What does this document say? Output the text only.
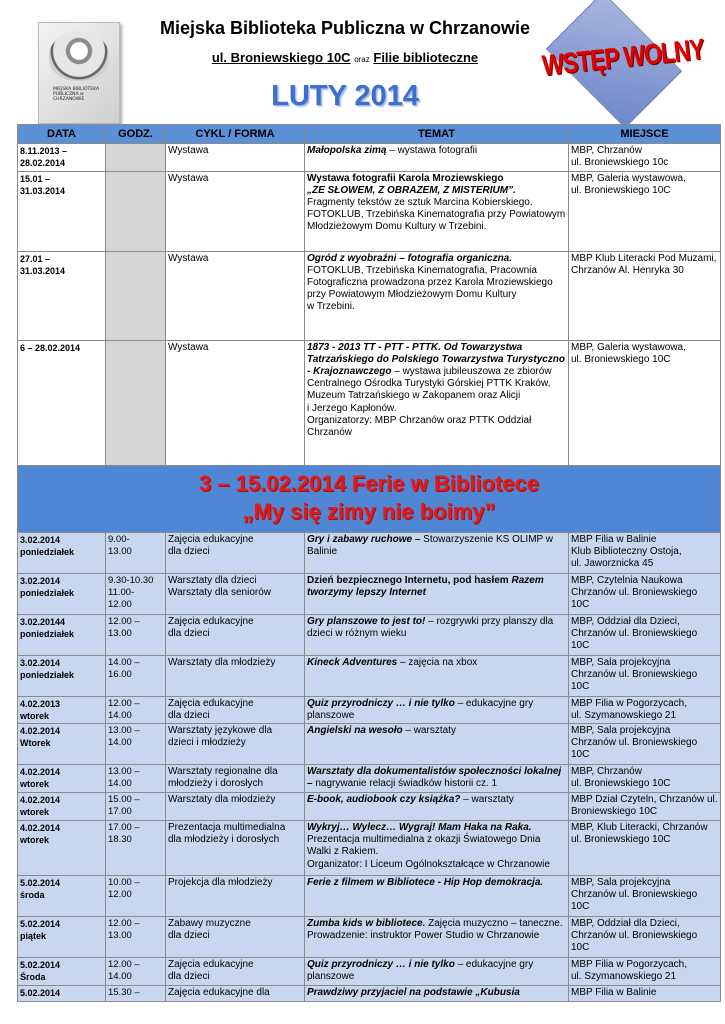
MIEJSKA BIBLIOTEKA PUBLICZNA w CHRZANOWIE
Miejska Biblioteka Publiczna w Chrzanowie
ul. Broniewskiego 10C oraz Filie biblioteczne
LUTY 2014
WSTĘP WOLNY
DATA	GODZ.	CYKL / FORMA	TEMAT	MIEJSCE
8.11.2013 – 28.02.2014		Wystawa	Małopolska zimą – wystawa fotografii	MBP, Chrzanów
ul. Broniewskiego 10c
15.01 –
31.03.2014		Wystawa	Wystawa fotografii Karola Mroziewskiego
„ZE SŁOWEM, Z OBRAZEM, Z MISTERIUM”.
Fragmenty tekstów ze sztuk Marcina Kobierskiego. FOTOKLUB, Trzebińska Kinematografia przy Powiatowym Młodzieżowym Domu Kultury w Trzebini.	MBP, Galeria wystawowa,
ul. Broniewskiego 10C
27.01 –
31.03.2014		Wystawa	Ogród z wyobraźni – fotografia organiczna. FOTOKLUB, Trzebińska Kinematografia, Pracownia Fotograficzna prowadzona przez Karola Mroziewskiego przy Powiatowym Młodzieżowym Domu Kultury
w Trzebini.	MBP Klub Literacki Pod Muzami, Chrzanów Al. Henryka 30
6 – 28.02.2014		Wystawa	1873 - 2013 TT - PTT - PTTK. Od Towarzystwa Tatrzańskiego do Polskiego Towarzystwa Turystyczno - Krajoznawczego – wystawa jubileuszowa ze zbiorów Centralnego Ośrodka Turystyki Górskiej PTTK Kraków, Muzeum Tatrzańskiego w Zakopanem oraz Alicji
i Jerzego Kapłonów.
Organizatorzy: MBP Chrzanów oraz PTTK Oddział Chrzanów	MBP, Galeria wystawowa,
ul. Broniewskiego 10C

3 – 15.02.2014 Ferie w Bibliotece
„My się zimy nie boimy”				

3.02.2014
poniedziałek	9.00-
13.00	Zajęcia edukacyjne
dla dzieci	Gry i zabawy ruchowe – Stowarzyszenie KS OLIMP w Balinie	MBP Filia w Balinie
Klub Biblioteczny Ostoja,
ul. Jaworznicka 45
3.02.2014
poniedziałek	9.30-10.30
11.00-
12.00	Warsztaty dla dzieci
Warsztaty dla seniorów	Dzień bezpiecznego Internetu, pod hasłem Razem tworzymy lepszy Internet	MBP, Czytelnia Naukowa
Chrzanów ul. Broniewskiego 10C
3.02.20144
poniedziałek	12.00 –
13.00	Zajęcia edukacyjne
dla dzieci	Gry planszowe to jest to! – rozgrywki przy planszy dla dzieci w różnym wieku	MBP, Oddział dla Dzieci,
Chrzanów ul. Broniewskiego 10C
3.02.2014
poniedziałek	14.00 –
16.00	Warsztaty dla młodzieży	Kineck Adventures – zajęcia na xbox	MBP, Sala projekcyjna
Chrzanów ul. Broniewskiego 10C
4.02.2013
wtorek	12.00 –
14.00	Zajęcia edukacyjne
dla dzieci	Quiz przyrodniczy … i nie tylko – edukacyjne gry planszowe	MBP Filia w Pogorzycach,
ul. Szymanowskiego 21
4.02.2014
Wtorek	13.00 –
14.00	Warsztaty językowe dla
dzieci i młodzieży	Angielski na wesoło – warsztaty	MBP, Sala projekcyjna
Chrzanów ul. Broniewskiego 10C
4.02.2014
wtorek	13.00 –
14.00	Warsztaty regionalne dla
młodzieży i dorosłych	Warsztaty dla dokumentalistów społeczności lokalnej – nagrywanie relacji świadków historii cz. 1	MBP, Chrzanów
ul. Broniewskiego 10C
4.02.2014
wtorek	15.00 –
17.00	Warsztaty dla młodzieży	E-book, audiobook czy książka? – warsztaty	MBP Dział Czyteln, Chrzanów ul. Broniewskiego 10C
4.02.2014
wtorek	17.00 –
18.30	Prezentacja multimedialna
dla młodzieży i dorosłych	Wykryj… Wylecz… Wygraj! Mam Haka na Raka.
Prezentacja multimedialna z okazji Światowego Dnia Walki z Rakiem.
Organizator: I Liceum Ogólnokształcące w Chrzanowie	MBP, Klub Literacki, Chrzanów ul. Broniewskiego 10C
5.02.2014
środa	10.00 –
12.00	Projekcja dla młodzieży	Ferie z filmem w Bibliotece - Hip Hop demokracja.	MBP, Sala projekcyjna
Chrzanów ul. Broniewskiego 10C
5.02.2014
piątek	12.00 –
13.00	Zabawy muzyczne
dla dzieci	Zumba kids w bibliotece. Zajęcia muzyczno – taneczne. Prowadzenie: instruktor Power Studio w Chrzanowie	MBP, Oddział dla Dzieci,
Chrzanów ul. Broniewskiego 10C
5.02.2014
Środa	12.00 –
14.00	Zajęcia edukacyjne
dla dzieci	Quiz przyrodniczy … i nie tylko – edukacyjne gry planszowe	MBP Filia w Pogorzycach,
ul. Szymanowskiego 21
5.02.2014	15.30 –	Zajęcia edukacyjne dla	Prawdziwy przyjaciel na podstawie „Kubusia	MBP Filia w Balinie
